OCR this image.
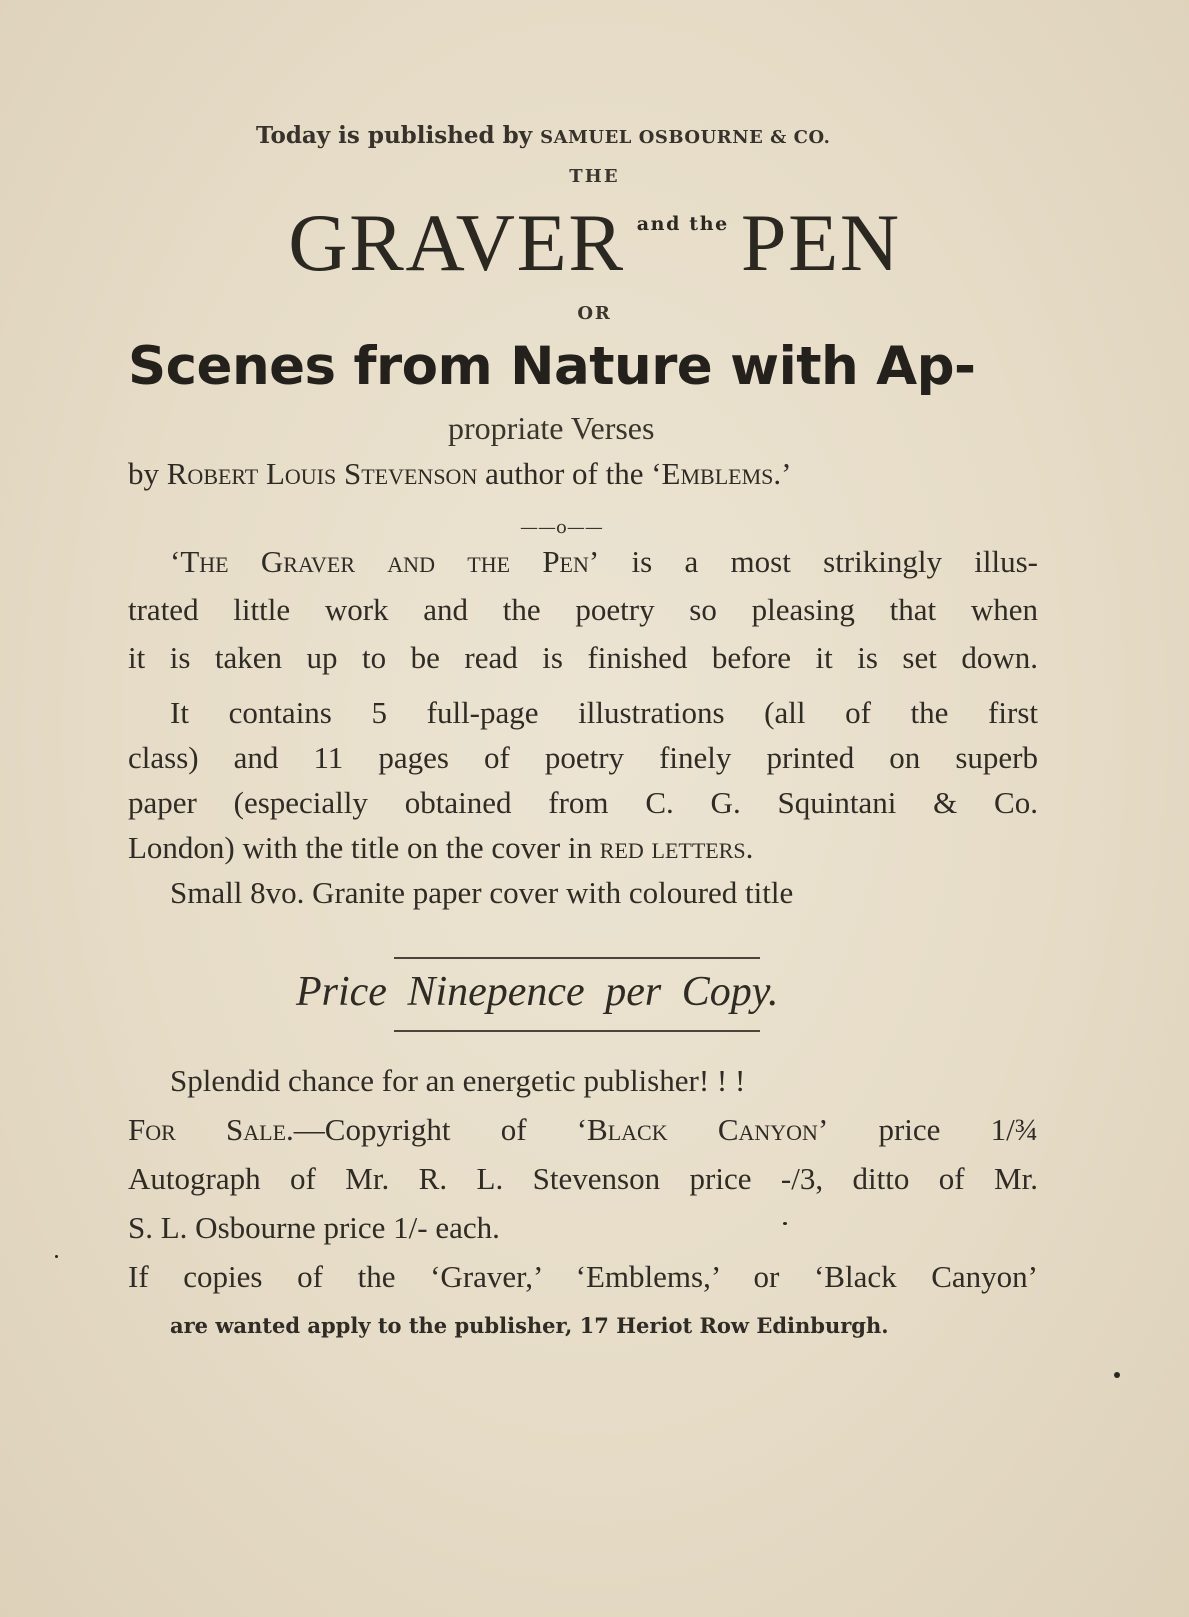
Today is published by SAMUEL OSBOURNE & CO.
THE
GRAVER $^{and the}$ PEN
OR
Scenes from Nature with Ap-
propriate Verses
by Robert Louis Stevenson author of the ‘Emblems.’
——o——
‘The Graver and the Pen’ is a most strikingly illus-
trated little work and the poetry so pleasing that when
it is taken up to be read is finished before it is set down.
It contains 5 full-page illustrations (all of the first
class) and 11 pages of poetry finely printed on superb
paper (especially obtained from C. G. Squintani & Co.
London) with the title on the cover in red letters.
Small 8vo. Granite paper cover with coloured title
Price Ninepence per Copy.
Splendid chance for an energetic publisher! ! !
For Sale.—Copyright of ‘Black Canyon’ price 1/¾
Autograph of Mr. R. L. Stevenson price -/3, ditto of Mr.
S. L. Osbourne price 1/- each.
If copies of the ‘Graver,’ ‘Emblems,’ or ‘Black Canyon’
are wanted apply to the publisher, 17 Heriot Row Edinburgh.
